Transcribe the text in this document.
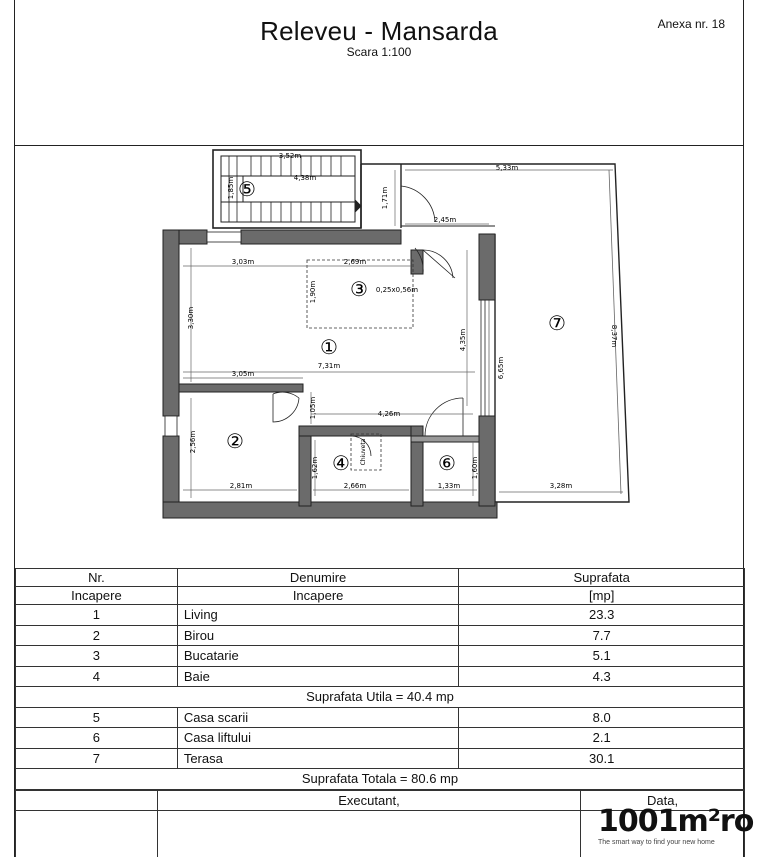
Releveu - Mansarda
Scara 1:100
Anexa nr. 18
⑤
3,52m
4,38m
1,85m
5,33m
8,37m
6,65m
3,28m
⑦
1,71m
2,45m
③
1,90m	0,25x0,56m
Chiuveta
3,03m	2,69m
3,30m
4,35m
7,31m
①
3,05m
1,05m	4,26m
②
2,56m
2,81m
④
1,62m
2,66m
⑥
1,33m
1,60m
Nr.	Denumire	Suprafata
Incapere	Incapere	[mp]
1	Living	23.3
2	Birou	7.7
3	Bucatarie	5.1
4	Baie	4.3
Suprafata Utila = 40.4 mp		
5	Casa scarii	8.0
6	Casa liftului	2.1
7	Terasa	30.1
Suprafata Totala = 80.6 mp		
	Executant,	Data,

1001m²ro
The smart way to find your new home
